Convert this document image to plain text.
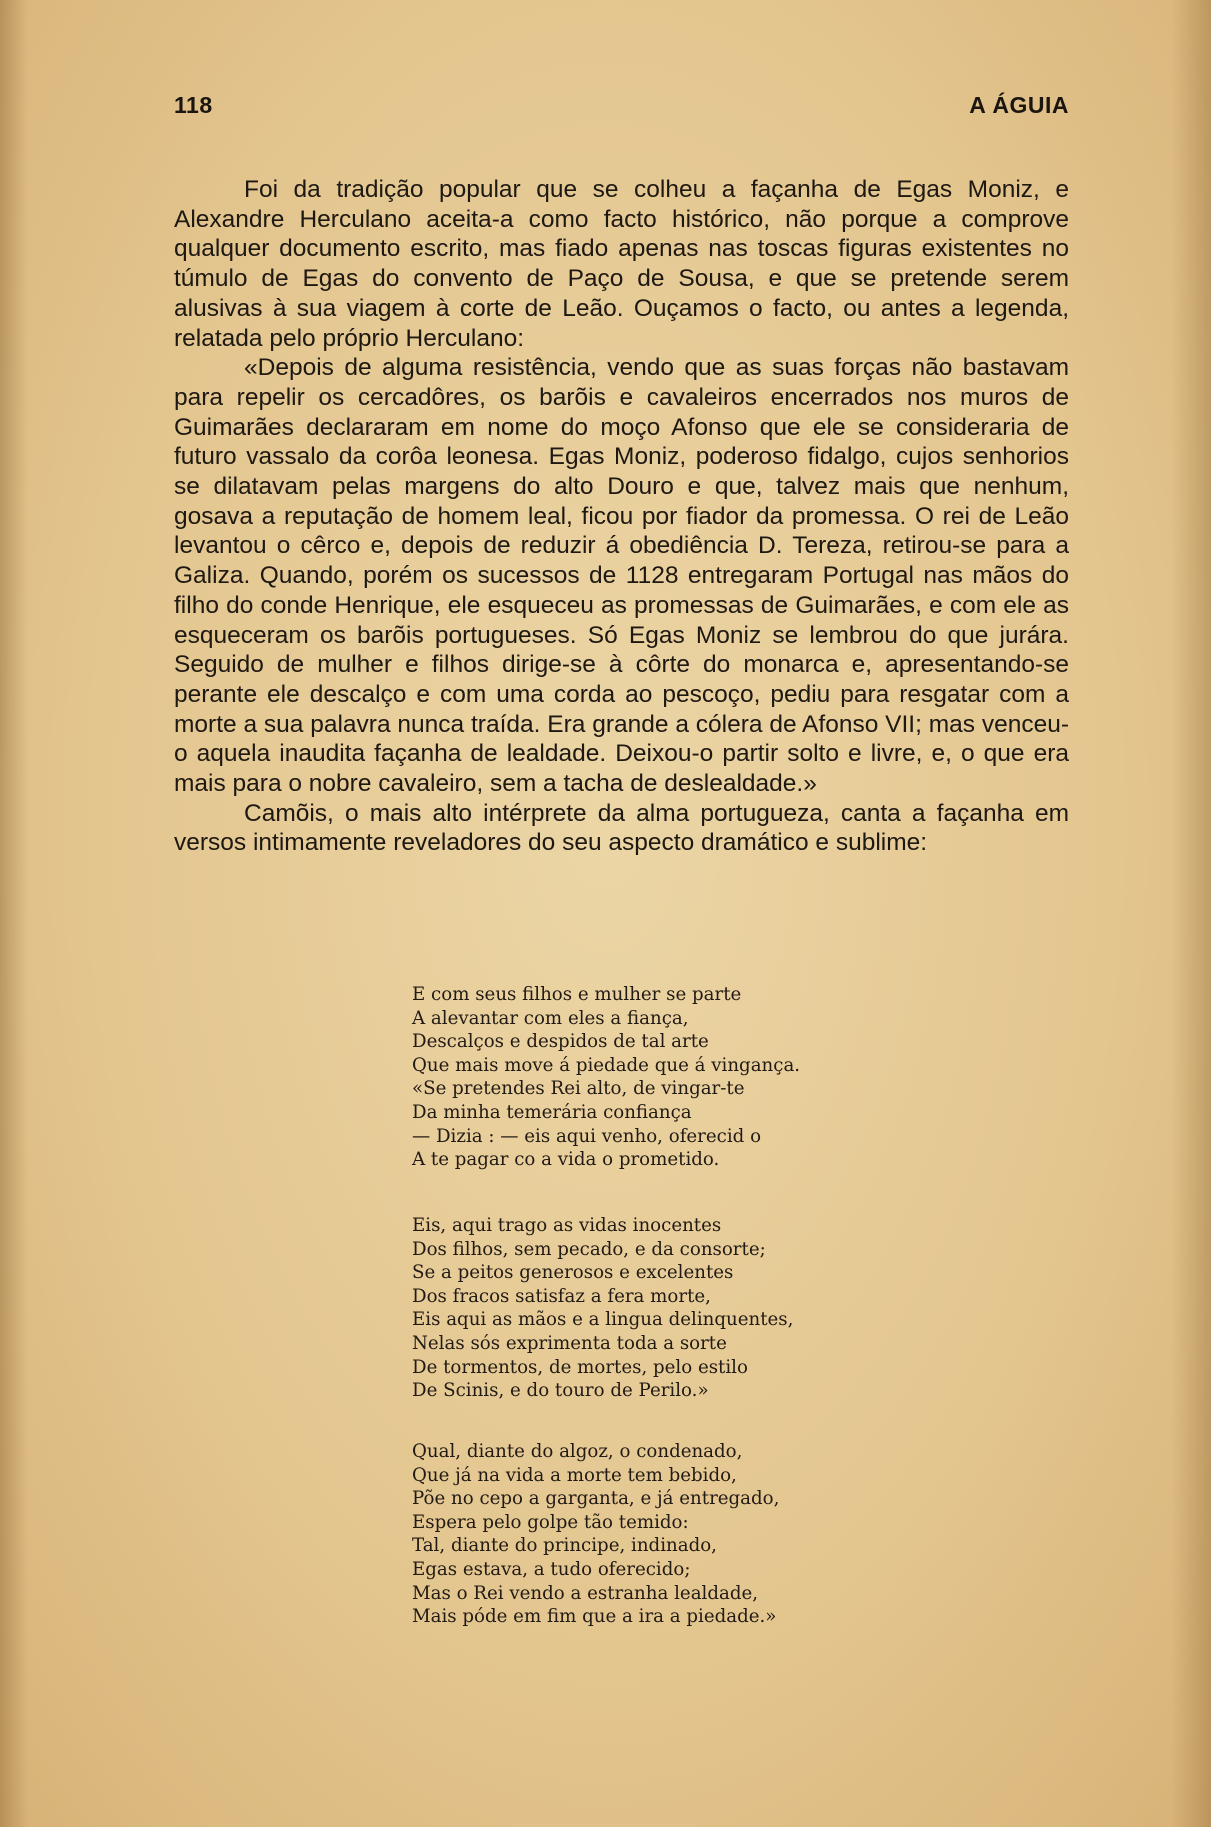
118	A ÁGUIA

Foi da tradição popular que se colheu a façanha de Egas Moniz, e Alexandre Herculano aceita-a como facto histórico, não porque a comprove qualquer documento escrito, mas fiado apenas nas toscas figuras existentes no túmulo de Egas do convento de Paço de Sousa, e que se pretende serem alusivas à sua viagem à corte de Leão. Ouçamos o facto, ou antes a legenda, relatada pelo próprio Herculano:

«Depois de alguma resistência, vendo que as suas forças não bastavam para repelir os cercadôres, os barõis e cavaleiros encerrados nos muros de Guimarães declararam em nome do moço Afonso que ele se consideraria de futuro vassalo da corôa leonesa. Egas Moniz, poderoso fidalgo, cujos senhorios se dilatavam pelas margens do alto Douro e que, talvez mais que nenhum, gosava a reputação de homem leal, ficou por fiador da promessa. O rei de Leão levantou o cêrco e, depois de reduzir á obediência D. Tereza, retirou-se para a Galiza. Quando, porém os sucessos de 1128 entregaram Portugal nas mãos do filho do conde Henrique, ele esqueceu as promessas de Guimarães, e com ele as esqueceram os barõis portugueses. Só Egas Moniz se lembrou do que jurára. Seguido de mulher e filhos dirige-se à côrte do monarca e, apresentando-se perante ele descalço e com uma corda ao pescoço, pediu para resgatar com a morte a sua palavra nunca traída. Era grande a cólera de Afonso VII; mas venceu-o aquela inaudita façanha de lealdade. Deixou-o partir solto e livre, e, o que era mais para o nobre cavaleiro, sem a tacha de deslealdade.»

Camõis, o mais alto intérprete da alma portugueza, canta a façanha em versos intimamente reveladores do seu aspecto dramático e sublime:

E com seus filhos e mulher se parte
A alevantar com eles a fiança,
Descalços e despidos de tal arte
Que mais move á piedade que á vingança.
«Se pretendes Rei alto, de vingar-te
Da minha temerária confiança
— Dizia : — eis aqui venho, oferecid o
A te pagar co a vida o prometido.
Eis, aqui trago as vidas inocentes
Dos filhos, sem pecado, e da consorte;
Se a peitos generosos e excelentes
Dos fracos satisfaz a fera morte,
Eis aqui as mãos e a lingua delinquentes,
Nelas sós exprimenta toda a sorte
De tormentos, de mortes, pelo estilo
De Scinis, e do touro de Perilo.»
Qual, diante do algoz, o condenado,
Que já na vida a morte tem bebido,
Põe no cepo a garganta, e já entregado,
Espera pelo golpe tão temido:
Tal, diante do principe, indinado,
Egas estava, a tudo oferecido;
Mas o Rei vendo a estranha lealdade,
Mais póde em fim que a ira a piedade.»
